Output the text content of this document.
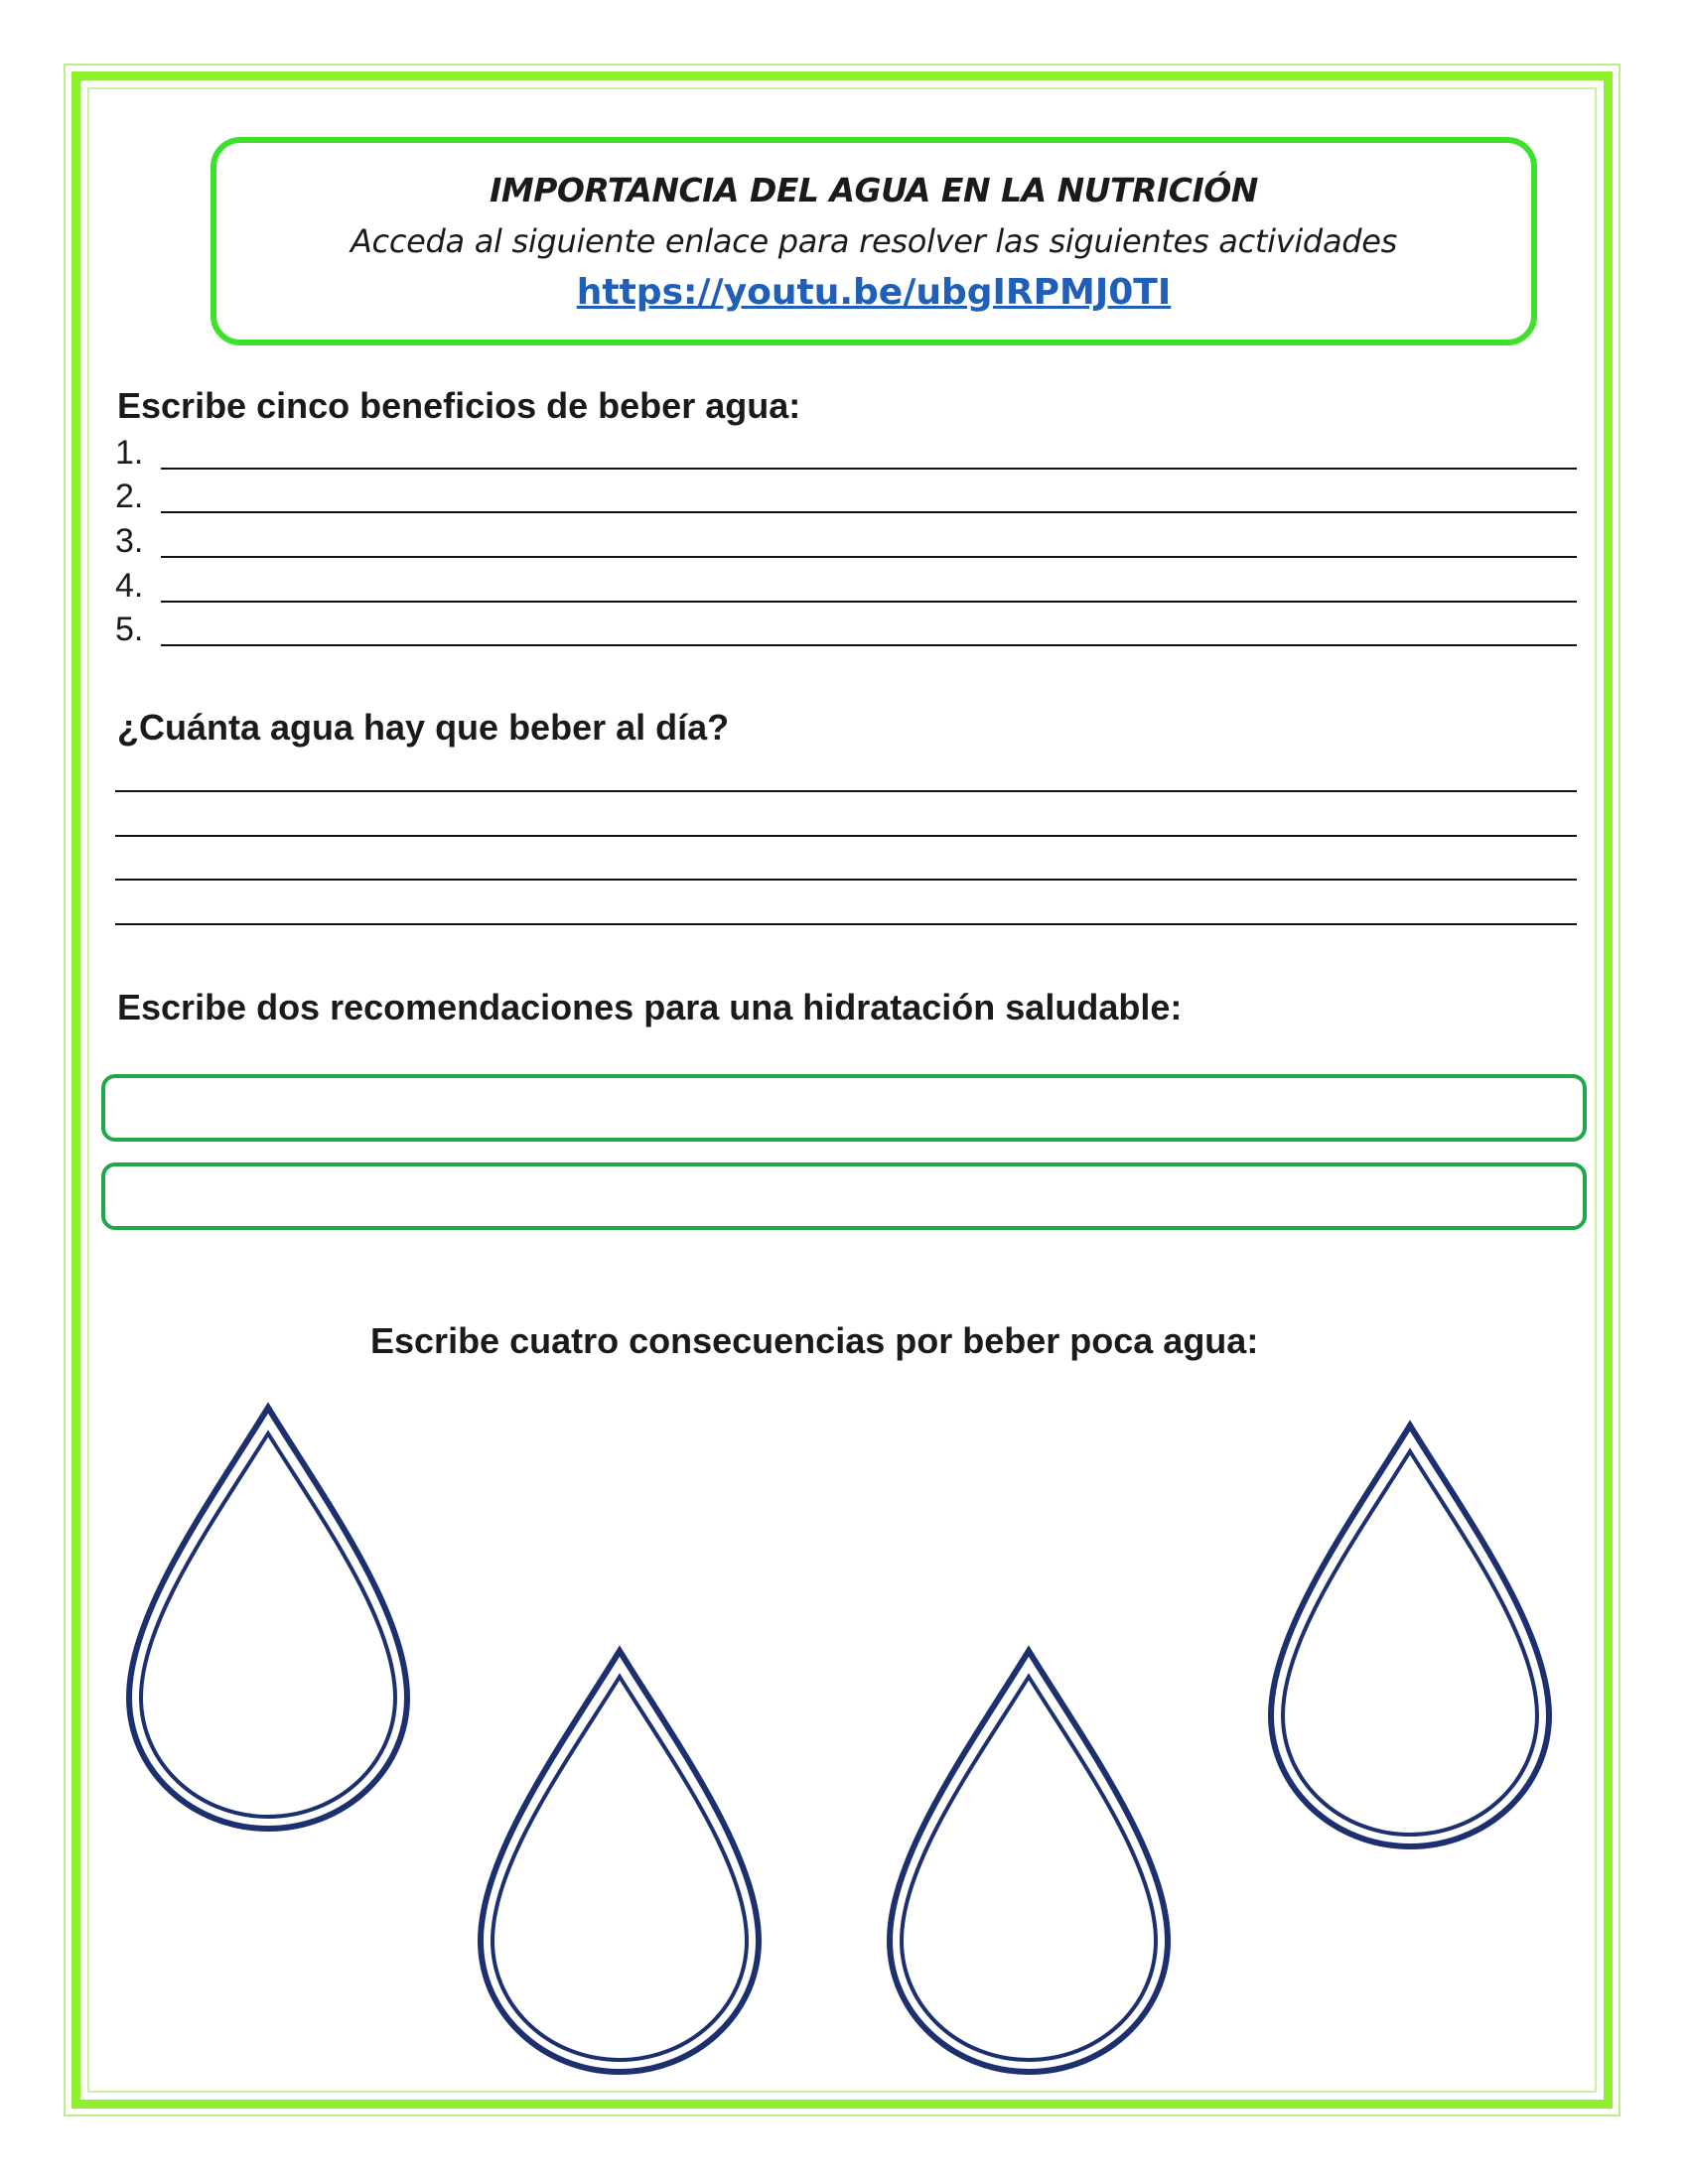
IMPORTANCIA DEL AGUA EN LA NUTRICIÓN
Acceda al siguiente enlace para resolver las siguientes actividades
https://youtu.be/ubgIRPMJ0TI
Escribe cinco beneficios de beber agua:
1.
2.
3.
4.
5.
¿Cuánta agua hay que beber al día?
Escribe dos recomendaciones para una hidratación saludable:
Escribe cuatro consecuencias por beber poca agua:
